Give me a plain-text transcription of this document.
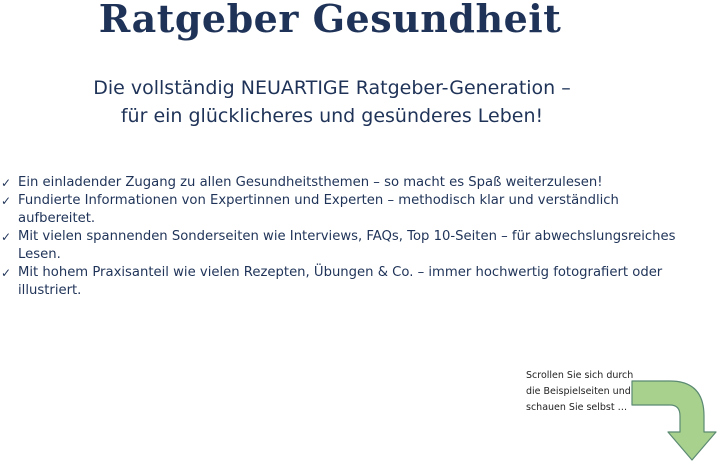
Ratgeber Gesundheit
Die vollständig NEUARTIGE Ratgeber-Generation –
für ein glücklicheres und gesünderes Leben!
✓ Ein einladender Zugang zu allen Gesundheitsthemen – so macht es Spaß weiterzulesen!
✓ Fundierte Informationen von Expertinnen und Experten – methodisch klar und verständlich aufbereitet.
✓ Mit vielen spannenden Sonderseiten wie Interviews, FAQs, Top 10-Seiten – für abwechslungsreiches
Lesen.
✓ Mit hohem Praxisanteil wie vielen Rezepten, Übungen & Co. – immer hochwertig fotografiert oder
illustriert.
Scrollen Sie sich durch
die Beispielseiten und
schauen Sie selbst …
